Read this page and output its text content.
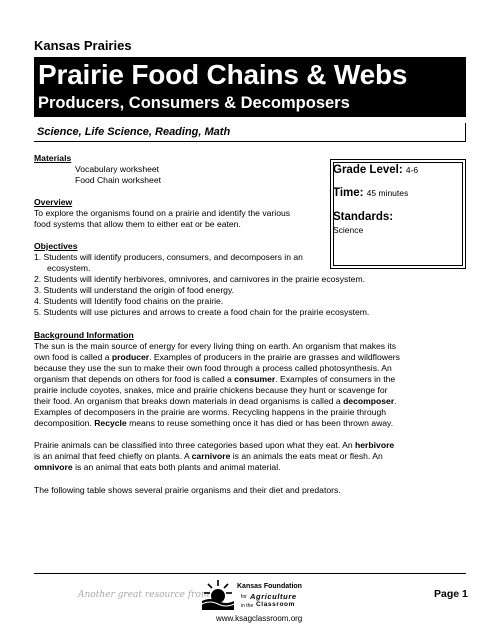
Kansas Prairies
Prairie Food Chains & Webs
Producers, Consumers & Decomposers
Science, Life Science, Reading, Math
Grade Level: 4-6
Time: 45 minutes
Standards:
Science
Materials
Vocabulary worksheet
Food Chain worksheet
Overview
To explore the organisms found on a prairie and identify the various
food systems that allow them to either eat or be eaten.
Objectives
1. Students will identify producers, consumers, and decomposers in an
ecosystem.
2. Students will identify herbivores, omnivores, and carnivores in the prairie ecosystem.
3. Students will understand the origin of food energy.
4. Students will Identify food chains on the prairie.
5. Students will use pictures and arrows to create a food chain for the prairie ecosystem.
Background Information
The sun is the main source of energy for every living thing on earth. An organism that makes its
own food is called a producer. Examples of producers in the prairie are grasses and wildflowers
because they use the sun to make their own food through a process called photosynthesis. An
organism that depends on others for food is called a consumer. Examples of consumers in the
prairie include coyotes, snakes, mice and prairie chickens because they hunt or scavenge for
their food. An organism that breaks down materials in dead organisms is called a decomposer.
Examples of decomposers in the prairie are worms. Recycling happens in the prairie through
decomposition. Recycle means to reuse something once it has died or has been thrown away.
Prairie animals can be classified into three categories based upon what they eat. An herbivore
is an animal that feed chiefly on plants. A carnivore is an animals the eats meat or flesh. An
omnivore is an animal that eats both plants and animal material.
The following table shows several prairie organisms and their diet and predators.
Another great resource from
Kansas Foundation
for Agriculture
in the Classroom
www.ksagclassroom.org
Page 1
